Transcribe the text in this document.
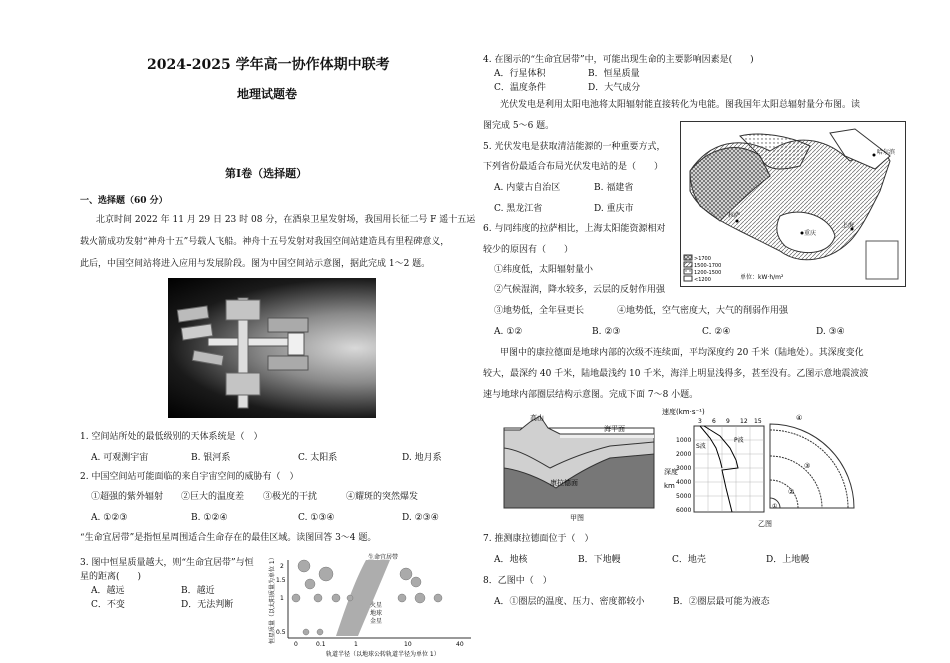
2024-2025 学年高一协作体期中联考
地理试题卷
第Ⅰ卷（选择题）
一、选择题（60 分）
北京时间 2022 年 11 月 29 日 23 时 08 分，在酒泉卫星发射场，我国用长征二号 F 遥十五运
载火箭成功发射“神舟十五”号载人飞船。神舟十五号发射对我国空间站建造具有里程碑意义，
此后，中国空间站将进入应用与发展阶段。图为中国空间站示意图，据此完成 1～2 题。
1. 空间站所处的最低级别的天体系统是（　）
A. 可观测宇宙	B. 银河系	C. 太阳系	D. 地月系
2. 中国空间站可能面临的来自宇宙空间的威胁有（　）
①超强的紫外辐射 ②巨大的温度差 ③极光的干扰	④耀斑的突然爆发
A. ①②③	B. ①②④	C. ①③④	D. ②③④
“生命宜居带”是指恒星周围适合生命存在的最佳区域。读图回答 3～4 题。
3. 图中恒星质量越大，则“生命宜居带”与恒
星的距离(　　)
A．越远	B．越近
C．不变	D．无法判断	恒星质量（以太阳质量为单位 1） 2
1.5
1
0.5
0	0.1	1	10	40
生命宜居带
火星
地球
金星
轨道半径（以地球公转轨道半径为单位 1）
4. 在图示的“生命宜居带”中，可能出现生命的主要影响因素是(　　)
A．行星体积	B．恒星质量
C．温度条件	D．大气成分
光伏发电是利用太阳电池将太阳辐射能直接转化为电能。图我国年太阳总辐射量分布图。读
图完成 5～6 题。
5. 光伏发电是获取清洁能源的一种重要方式，
下列省份最适合布局光伏发电站的是（　　）
A. 内蒙古自治区	B. 福建省
C. 黑龙江省	D. 重庆市
6. 与同纬度的拉萨相比，上海太阳能资源相对
较少的原因有（　　）
①纬度低，太阳辐射量小
②气候湿润，降水较多，云层的反射作用强
③地势低，全年昼更长	④地势低，空气密度大，大气的削弱作用强
A. ①②	B. ②③	C. ②④	D. ③④
哈尔滨
拉萨
重庆
上海
>1700
1500-1700
1200-1500
<1200	单位：kW·h/m²
甲图中的康拉德面是地球内部的次级不连续面，平均深度约 20 千米（陆地处）。其深度变化
较大，最深约 40 千米，陆地最浅约 10 千米，海洋上明显浅得多，甚至没有。乙图示意地震波波
速与地球内部圈层结构示意图。完成下面 7～8 小题。
高山
海平面
康拉德面
甲图
速度(km·s⁻¹)
3 6 9 12 15
1000
2000
3000
4000
5000
6000
深度
km
S波
P波
④
③
②
①
乙图
7. 推测康拉德面位于（　）
A．地核	B．下地幔	C．地壳	D．上地幔
8．乙图中（　）
A．①圈层的温度、压力、密度都较小	B．②圈层最可能为液态
